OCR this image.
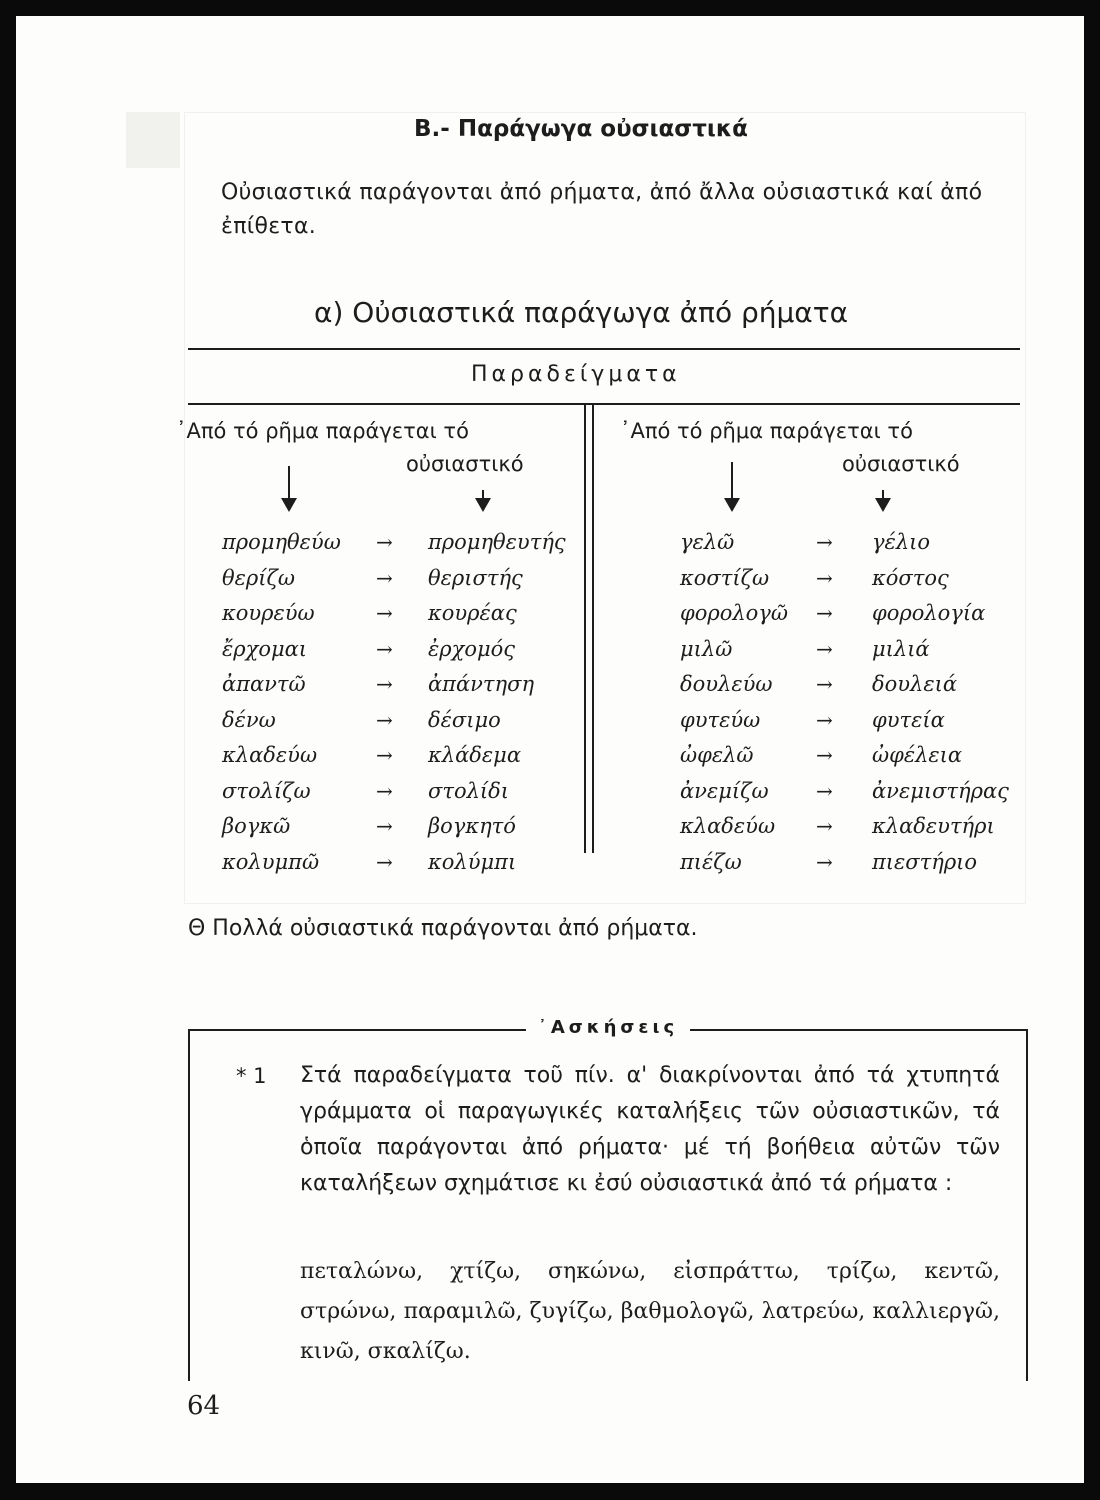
Β.- Παράγωγα οὐσιαστικά
Οὐσιαστικά παράγονται ἀπό ρήματα, ἀπό ἄλλα οὐσιαστικά καί ἀπό ἐπίθετα.
α) Οὐσιαστικά παράγωγα ἀπό ρήματα
Παραδείγματα
᾿Από τό ρῆμα παράγεται τό
οὐσιαστικό
᾿Από τό ρῆμα παράγεται τό
οὐσιαστικό
προμηθεύω → προμηθευτής
θερίζω	→ θεριστής
κουρεύω	→ κουρέας
ἔρχομαι	→ ἐρχομός
ἀπαντῶ	→ ἀπάντηση
δένω	→ δέσιμο
κλαδεύω	→ κλάδεμα
στολίζω	→ στολίδι
βογκῶ	→ βογκητό
κολυμπῶ	→ κολύμπι
γελῶ	→ γέλιο
κοστίζω → κόστος
φορολογῶ → φορολογία
μιλῶ	→ μιλιά
δουλεύω → δουλειά
φυτεύω	→ φυτεία
ὠφελῶ	→ ὠφέλεια
ἀνεμίζω → ἀνεμιστήρας
κλαδεύω → κλαδευτήρι
πιέζω	→ πιεστήριο
Θ Πολλά οὐσιαστικά παράγονται ἀπό ρήματα.
᾿Ασκήσεις
* 1 Στά παραδείγματα τοῦ πίν. α' διακρίνονται ἀπό τά χτυπητά γράμματα οἱ παραγωγικές καταλήξεις τῶν οὐσιαστικῶν, τά ὁποῖα παράγονται ἀπό ρήματα· μέ τή βοήθεια αὐτῶν τῶν καταλήξεων σχημάτισε κι ἐσύ οὐσιαστικά ἀπό τά ρήματα :
πεταλώνω, χτίζω, σηκώνω, εἰσπράττω, τρίζω, κεντῶ, στρώνω, παραμιλῶ, ζυγίζω, βαθμολογῶ, λατρεύω, καλλιεργῶ, κινῶ, σκαλίζω.
64
